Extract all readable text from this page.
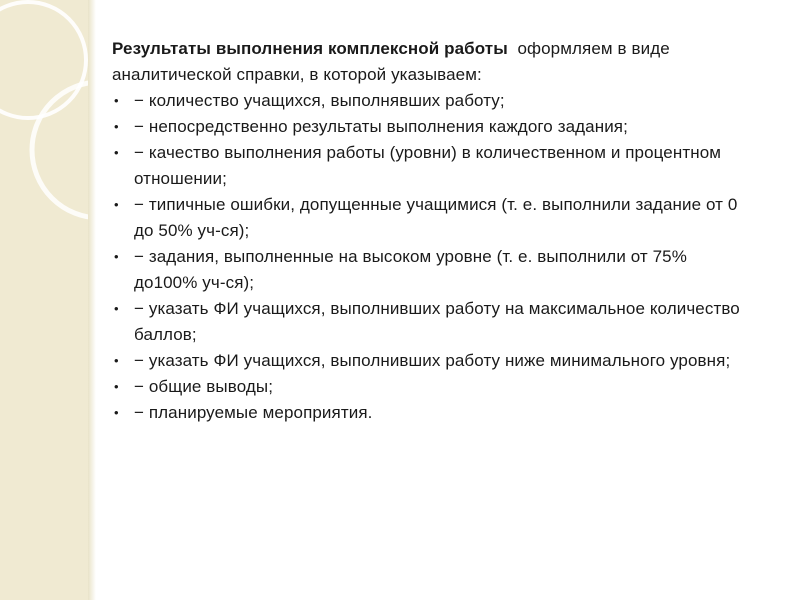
Результаты выполнения комплексной работы  оформляем в виде аналитической справки, в которой указываем:

• − количество учащихся, выполнявших работу;
• − непосредственно результаты выполнения каждого задания;
• − качество выполнения работы (уровни) в количественном и процентном отношении;
• − типичные ошибки, допущенные учащимися (т. е. выполнили задание от 0 до 50% уч-ся);
• − задания, выполненные на высоком уровне (т. е. выполнили от 75% до100% уч-ся);
• − указать ФИ учащихся, выполнивших работу на максимальное количество баллов;
• − указать ФИ учащихся, выполнивших работу ниже минимального уровня;
• − общие выводы;
• − планируемые мероприятия.
